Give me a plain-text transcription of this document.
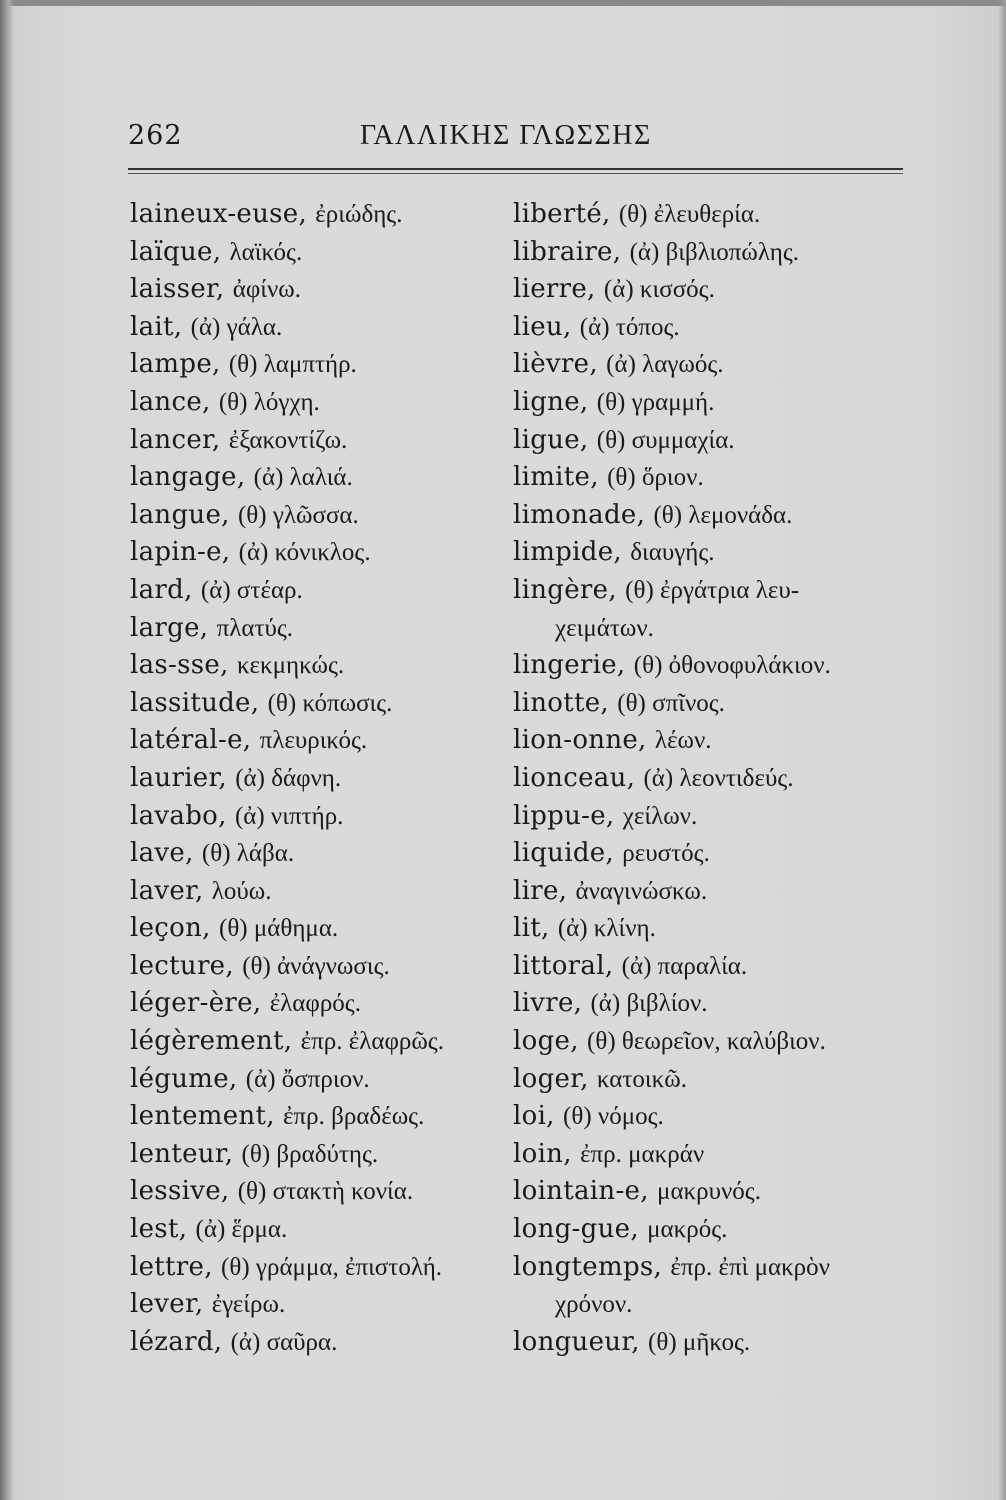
262	ΓΑΛΛΙΚΗΣ ΓΛΩΣΣΗΣ
laineux-euse, ἐριώδης.
laïque, λαϊκός.
laisser, ἀφίνω.
lait, (ἀ) γάλα.
lampe, (θ) λαμπτήρ.
lance, (θ) λόγχη.
lancer, ἐξακοντίζω.
langage, (ἀ) λαλιά.
langue, (θ) γλῶσσα.
lapin-e, (ἀ) κόνικλος.
lard, (ἀ) στέαρ.
large, πλατύς.
las-sse, κεκμηκώς.
lassitude, (θ) κόπωσις.
latéral-e, πλευρικός.
laurier, (ἀ) δάφνη.
lavabo, (ἀ) νιπτήρ.
lave, (θ) λάβα.
laver, λούω.
leçon, (θ) μάθημα.
lecture, (θ) ἀνάγνωσις.
léger-ère, ἐλαφρός.
légèrement, ἐπρ. ἐλαφρῶς.
légume, (ἀ) ὄσπριον.
lentement, ἐπρ. βραδέως.
lenteur, (θ) βραδύτης.
lessive, (θ) στακτὴ κονία.
lest, (ἀ) ἕρμα.
lettre, (θ) γράμμα, ἐπιστολή.
lever, ἐγείρω.
lézard, (ἀ) σαῦρα.
liberté, (θ) ἐλευθερία.
libraire, (ἀ) βιβλιοπώλης.
lierre, (ἀ) κισσός.
lieu, (ἀ) τόπος.
lièvre, (ἀ) λαγωός.
ligne, (θ) γραμμή.
ligue, (θ) συμμαχία.
limite, (θ) ὅριον.
limonade, (θ) λεμονάδα.
limpide, διαυγής.
lingère, (θ) ἐργάτρια λευ-
χειμάτων.
lingerie, (θ) ὀθονοφυλάκιον.
linotte, (θ) σπῖνος.
lion-onne, λέων.
lionceau, (ἀ) λεοντιδεύς.
lippu-e, χείλων.
liquide, ρευστός.
lire, ἀναγινώσκω.
lit, (ἀ) κλίνη.
littoral, (ἀ) παραλία.
livre, (ἀ) βιβλίον.
loge, (θ) θεωρεῖον, καλύβιον.
loger, κατοικῶ.
loi, (θ) νόμος.
loin, ἐπρ. μακράν
lointain-e, μακρυνός.
long-gue, μακρός.
longtemps, ἐπρ. ἐπὶ μακρὸν
χρόνον.
longueur, (θ) μῆκος.
